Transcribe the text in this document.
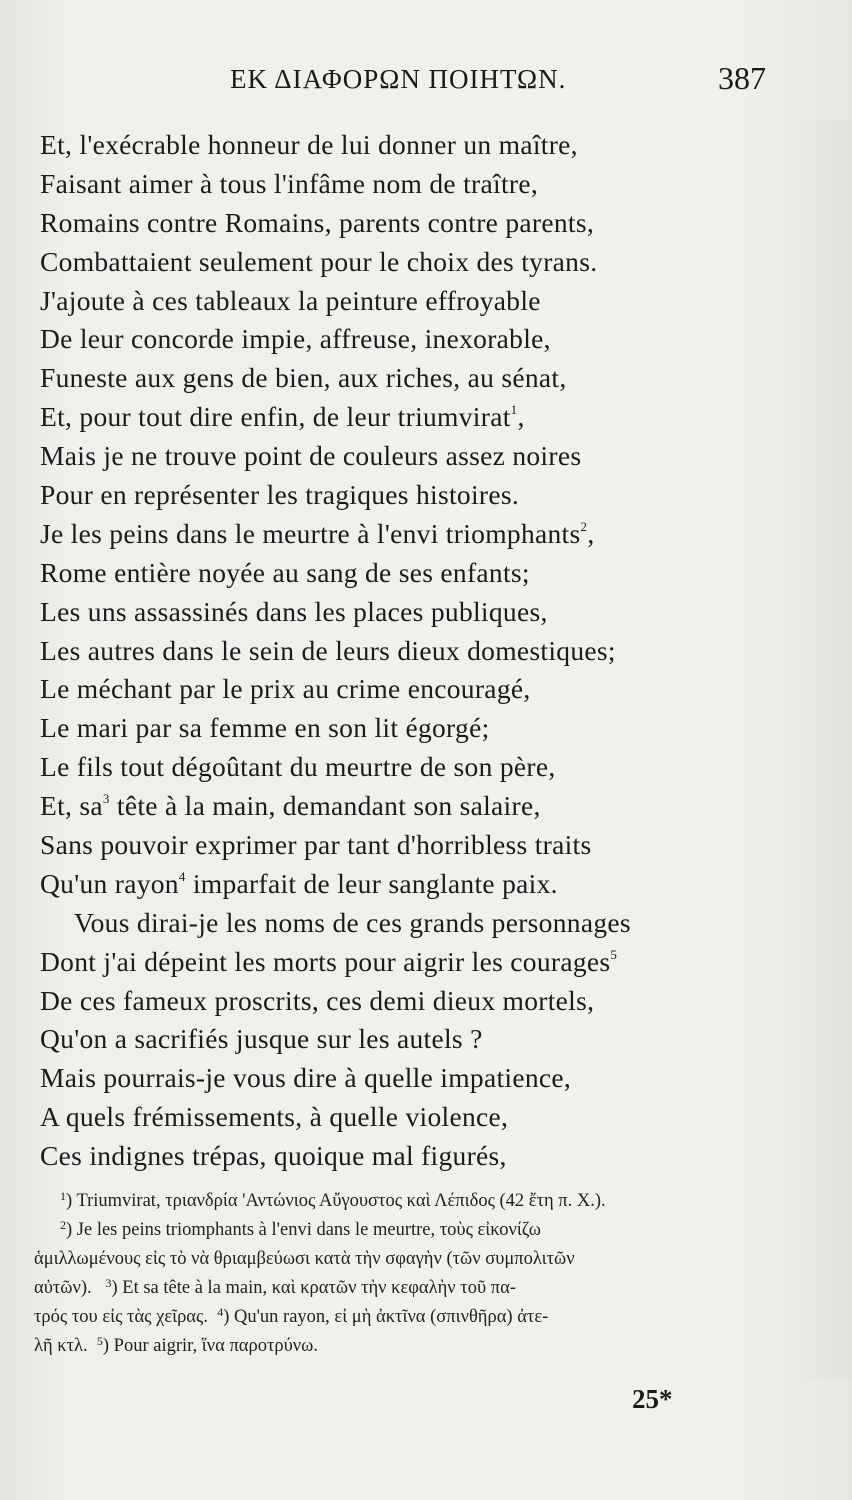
ΕΚ ΔΙΑΦΟΡΩΝ ΠΟΙΗΤΩΝ.	387
Et, l'exécrable honneur de lui donner un maître,
Faisant aimer à tous l'infâme nom de traître,
Romains contre Romains, parents contre parents,
Combattaient seulement pour le choix des tyrans.
J'ajoute à ces tableaux la peinture effroyable
De leur concorde impie, affreuse, inexorable,
Funeste aux gens de bien, aux riches, au sénat,
Et, pour tout dire enfin, de leur triumvirat$^1$,
Mais je ne trouve point de couleurs assez noires
Pour en représenter les tragiques histoires.
Je les peins dans le meurtre à l'envi triomphants$^2$,
Rome entière noyée au sang de ses enfants;
Les uns assassinés dans les places publiques,
Les autres dans le sein de leurs dieux domestiques;
Le méchant par le prix au crime encouragé,
Le mari par sa femme en son lit égorgé;
Le fils tout dégoûtant du meurtre de son père,
Et, $sa^3$ tête à la main, demandant son salaire,
Sans pouvoir exprimer par tant d'horribless traits
Qu'un rayon$^4$ imparfait de leur sanglante paix.
Vous dirai-je les noms de ces grands personnages
Dont j'ai dépeint les morts pour aigrir les courages$^5$
De ces fameux proscrits, ces demi dieux mortels,
Qu'on a sacrifiés jusque sur les autels ?
Mais pourrais-je vous dire à quelle impatience,
A quels frémissements, à quelle violence,
Ces indignes trépas, quoique mal figurés,
$^1$) Triumvirat, τριανδρία 'Αντώνιος Αὔγουστος καὶ Λέπιδος (42 ἔτη π. Χ.).
$^2$) Je les peins triomphants à l'envi dans le meurtre, τοὺς εἰκονίζω
ἁμιλλωμένους εἰς τὸ νὰ θριαμβεύωσι κατὰ τὴν σφαγὴν (τῶν συμπολιτῶν
αὐτῶν). $^3$) Et sa tête à la main, καὶ κρατῶν τὴν κεφαλὴν τοῦ πα-
τρός του εἰς τὰς χεῖρας. $^4$) Qu'un rayon, εἰ μὴ ἀκτῖνα (σπινθῆρα) ἀτε-
λῆ κτλ. $^5$) Pour aigrir, ἵνα παροτρύνω.
25*
